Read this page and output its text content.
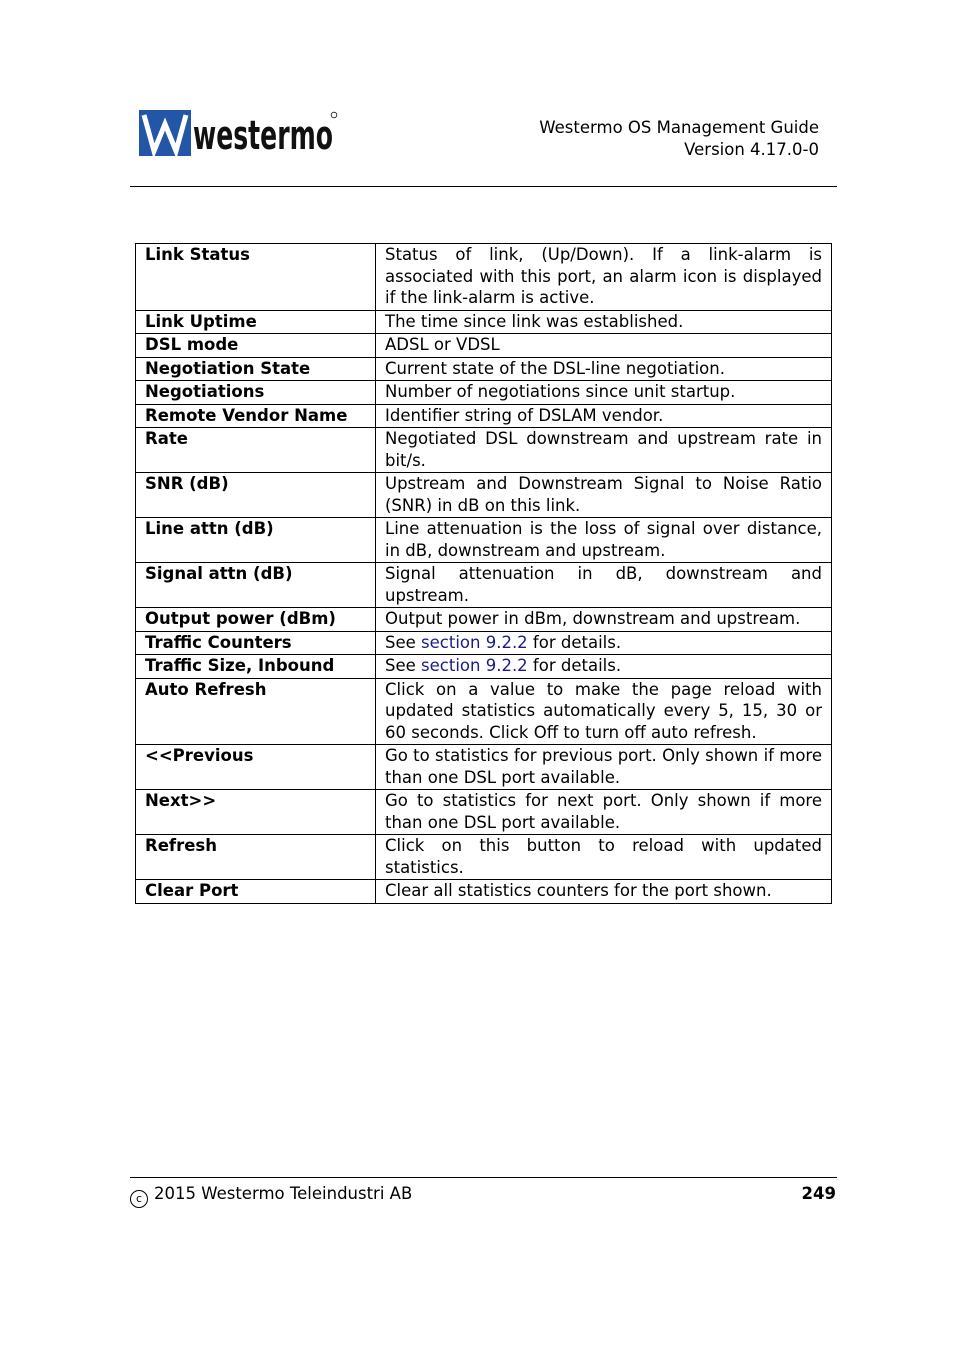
westermo	Westermo OS Management Guide
Version 4.17.0-0
Link Status	Status of link, (Up/Down). If a link-alarm is associated with this port, an alarm icon is displayed if the link-alarm is active.
Link Uptime	The time since link was established.
DSL mode	ADSL or VDSL
Negotiation State	Current state of the DSL-line negotiation.
Negotiations	Number of negotiations since unit startup.
Remote Vendor Name	Identifier string of DSLAM vendor.
Rate	Negotiated DSL downstream and upstream rate in bit/s.
SNR (dB)	Upstream and Downstream Signal to Noise Ratio (SNR) in dB on this link.
Line attn (dB)	Line attenuation is the loss of signal over distance, in dB, downstream and upstream.
Signal attn (dB)	Signal attenuation in dB, downstream and upstream.
Output power (dBm)	Output power in dBm, downstream and upstream.
Traffic Counters	See section 9.2.2 for details.
Traffic Size, Inbound	See section 9.2.2 for details.
Auto Refresh	Click on a value to make the page reload with updated statistics automatically every 5, 15, 30 or 60 seconds. Click Off to turn off auto refresh.
<<Previous	Go to statistics for previous port. Only shown if more than one DSL port available.
Next>>	Go to statistics for next port. Only shown if more than one DSL port available.
Refresh	Click on this button to reload with updated statistics.
Clear Port	Clear all statistics counters for the port shown.
c 2015 Westermo Teleindustri AB	249
